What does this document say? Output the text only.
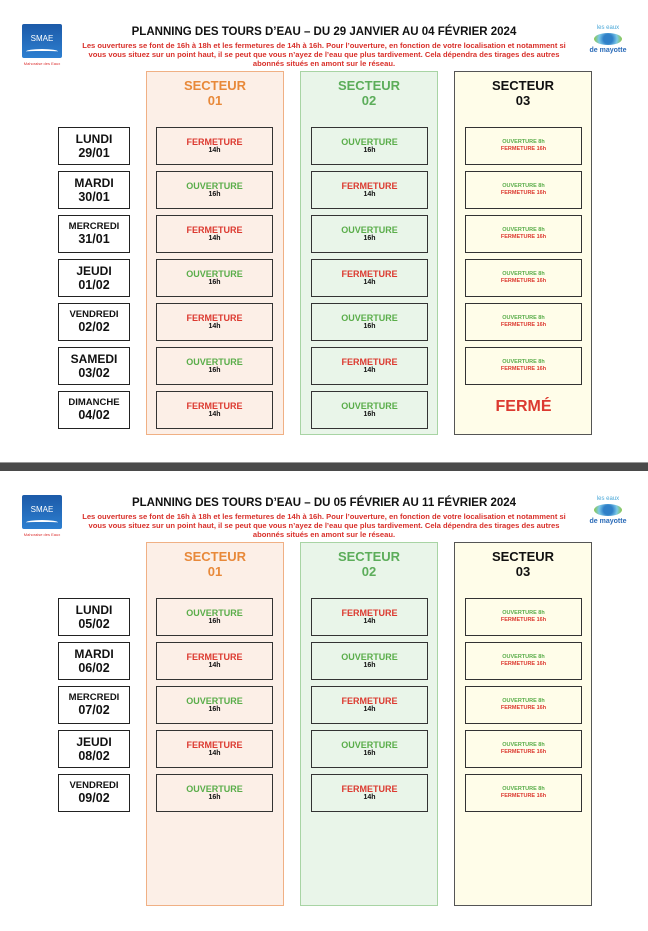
SMAE
Mahoraise des Eaux
les eaux
de mayotte
PLANNING DES TOURS D’EAU – DU 29 JANVIER AU 04 FÉVRIER 2024
Les ouvertures se font de 16h à 18h et les fermetures de 14h à 16h. Pour l’ouverture, en fonction de votre localisation et notamment si vous vous situez sur un point haut, il se peut que vous n’ayez de l’eau que plus tardivement. Cela dépendra des tirages des autres abonnés situés en amont sur le réseau.
SECTEUR
01
SECTEUR
02
SECTEUR
03
LUNDI
29/01
FERMETURE
14h
OUVERTURE
16h
OUVERTURE 8h
FERMETURE 16h
MARDI
30/01
OUVERTURE
16h
FERMETURE
14h
OUVERTURE 8h
FERMETURE 16h
MERCREDI
31/01
FERMETURE
14h
OUVERTURE
16h
OUVERTURE 8h
FERMETURE 16h
JEUDI
01/02
OUVERTURE
16h
FERMETURE
14h
OUVERTURE 8h
FERMETURE 16h
VENDREDI
02/02
FERMETURE
14h
OUVERTURE
16h
OUVERTURE 8h
FERMETURE 16h
SAMEDI
03/02
OUVERTURE
16h
FERMETURE
14h
OUVERTURE 8h
FERMETURE 16h
DIMANCHE
04/02
FERMETURE
14h
OUVERTURE
16h	FERMÉ
SMAE
Mahoraise des Eaux
les eaux
de mayotte
PLANNING DES TOURS D’EAU – DU 05 FÉVRIER AU 11 FÉVRIER 2024
Les ouvertures se font de 16h à 18h et les fermetures de 14h à 16h. Pour l’ouverture, en fonction de votre localisation et notamment si vous vous situez sur un point haut, il se peut que vous n’ayez de l’eau que plus tardivement. Cela dépendra des tirages des autres abonnés situés en amont sur le réseau.
SECTEUR
01
SECTEUR
02
SECTEUR
03
LUNDI
05/02
OUVERTURE
16h
FERMETURE
14h
OUVERTURE 8h
FERMETURE 16h
MARDI
06/02
FERMETURE
14h
OUVERTURE
16h
OUVERTURE 8h
FERMETURE 16h
MERCREDI
07/02
OUVERTURE
16h
FERMETURE
14h
OUVERTURE 8h
FERMETURE 16h
JEUDI
08/02
FERMETURE
14h
OUVERTURE
16h
OUVERTURE 8h
FERMETURE 16h
VENDREDI
09/02
OUVERTURE
16h
FERMETURE
14h
OUVERTURE 8h
FERMETURE 16h
